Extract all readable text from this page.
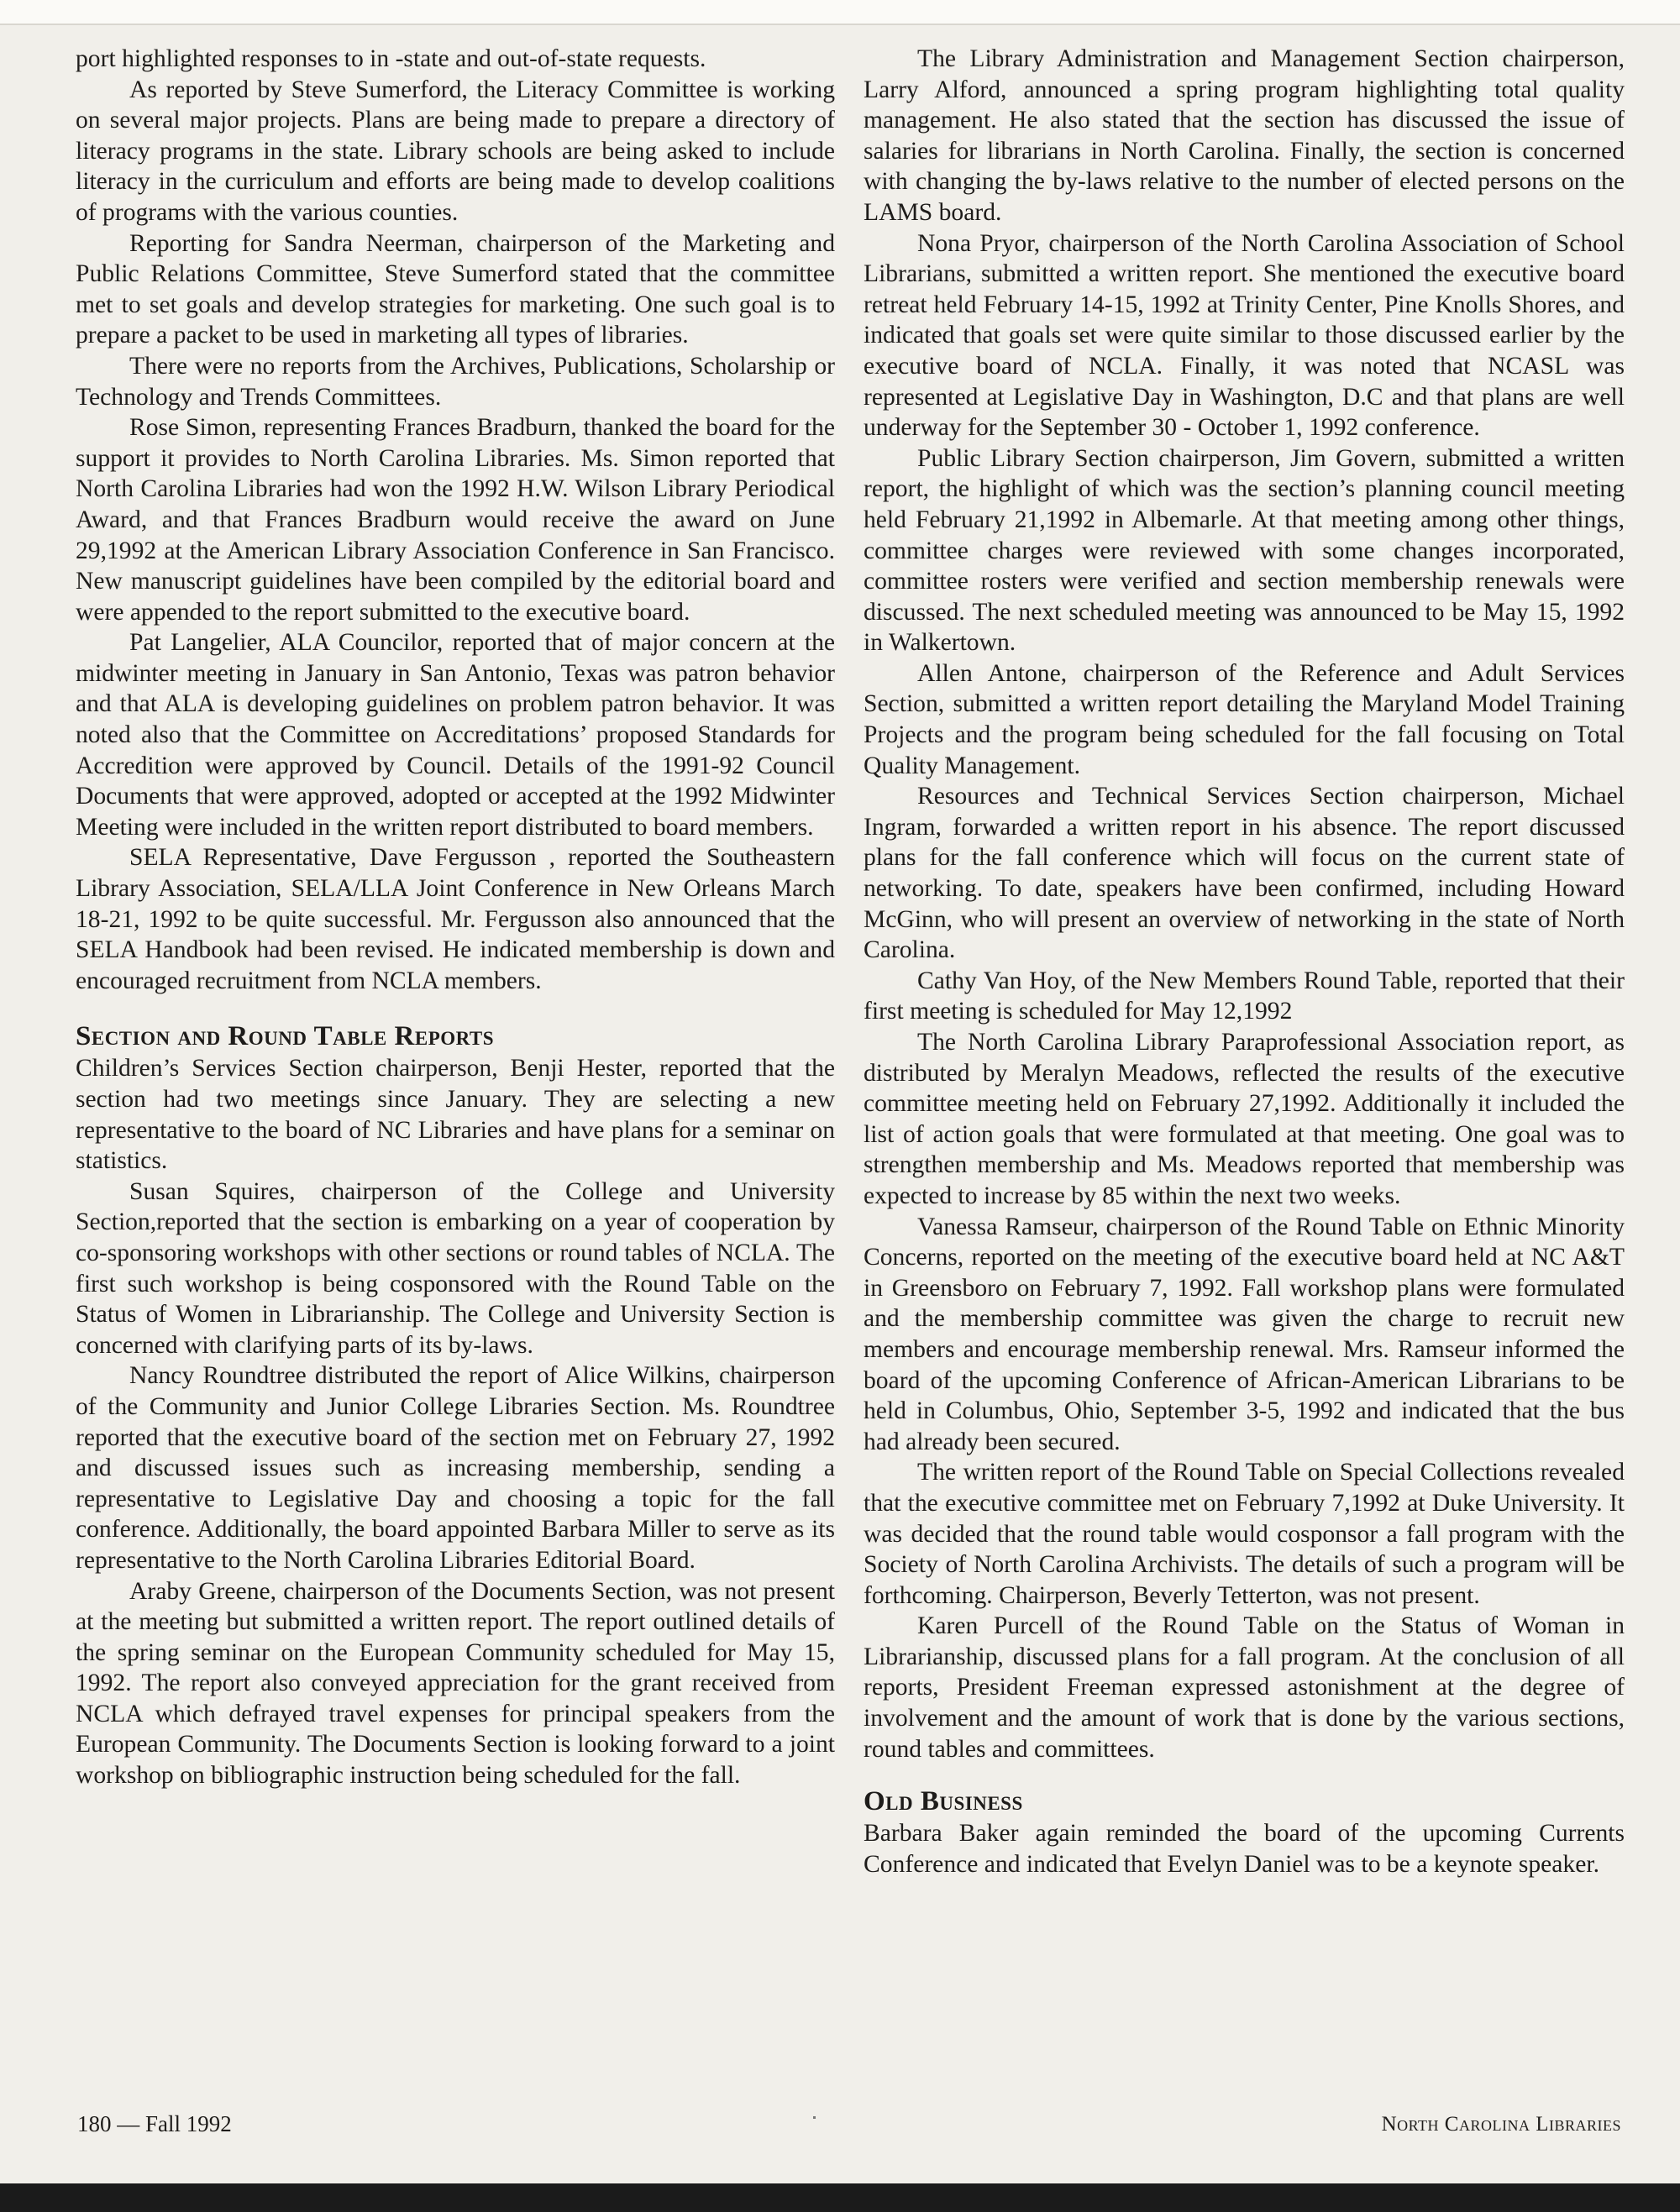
port highlighted responses to in -state and out-of-state requests.

As reported by Steve Sumerford, the Literacy Committee is working on several major projects. Plans are being made to prepare a directory of literacy programs in the state. Library schools are being asked to include literacy in the curriculum and efforts are being made to develop coalitions of programs with the various counties.

Reporting for Sandra Neerman, chairperson of the Marketing and Public Relations Committee, Steve Sumerford stated that the committee met to set goals and develop strategies for marketing. One such goal is to prepare a packet to be used in marketing all types of libraries.

There were no reports from the Archives, Publications, Scholarship or Technology and Trends Committees.

Rose Simon, representing Frances Bradburn, thanked the board for the support it provides to North Carolina Libraries. Ms. Simon reported that North Carolina Libraries had won the 1992 H.W. Wilson Library Periodical Award, and that Frances Bradburn would receive the award on June 29,1992 at the American Library Association Conference in San Francisco. New manuscript guidelines have been compiled by the editorial board and were appended to the report submitted to the executive board.

Pat Langelier, ALA Councilor, reported that of major concern at the midwinter meeting in January in San Antonio, Texas was patron behavior and that ALA is developing guidelines on problem patron behavior. It was noted also that the Committee on Accreditations’ proposed Standards for Accredition were approved by Council. Details of the 1991-92 Council Documents that were approved, adopted or accepted at the 1992 Midwinter Meeting were included in the written report distributed to board members.

SELA Representative, Dave Fergusson , reported the Southeastern Library Association, SELA/LLA Joint Conference in New Orleans March 18-21, 1992 to be quite successful. Mr. Fergusson also announced that the SELA Handbook had been revised. He indicated membership is down and encouraged recruitment from NCLA members.

Section and Round Table Reports

Children’s Services Section chairperson, Benji Hester, reported that the section had two meetings since January. They are selecting a new representative to the board of NC Libraries and have plans for a seminar on statistics.

Susan Squires, chairperson of the College and University Section,reported that the section is embarking on a year of cooperation by co-sponsoring workshops with other sections or round tables of NCLA. The first such workshop is being cosponsored with the Round Table on the Status of Women in Librarianship. The College and University Section is concerned with clarifying parts of its by-laws.

Nancy Roundtree distributed the report of Alice Wilkins, chairperson of the Community and Junior College Libraries Section. Ms. Roundtree reported that the executive board of the section met on February 27, 1992 and discussed issues such as increasing membership, sending a representative to Legislative Day and choosing a topic for the fall conference. Additionally, the board appointed Barbara Miller to serve as its representative to the North Carolina Libraries Editorial Board.

Araby Greene, chairperson of the Documents Section, was not present at the meeting but submitted a written report. The report outlined details of the spring seminar on the European Community scheduled for May 15, 1992. The report also conveyed appreciation for the grant received from NCLA which defrayed travel expenses for principal speakers from the European Community. The Documents Section is looking forward to a joint workshop on bibliographic instruction being scheduled for the fall.

The Library Administration and Management Section chairperson, Larry Alford, announced a spring program highlighting total quality management. He also stated that the section has discussed the issue of salaries for librarians in North Carolina. Finally, the section is concerned with changing the by-laws relative to the number of elected persons on the LAMS board.

Nona Pryor, chairperson of the North Carolina Association of School Librarians, submitted a written report. She mentioned the executive board retreat held February 14-15, 1992 at Trinity Center, Pine Knolls Shores, and indicated that goals set were quite similar to those discussed earlier by the executive board of NCLA. Finally, it was noted that NCASL was represented at Legislative Day in Washington, D.C and that plans are well underway for the September 30 - October 1, 1992 conference.

Public Library Section chairperson, Jim Govern, submitted a written report, the highlight of which was the section’s planning council meeting held February 21,1992 in Albemarle. At that meeting among other things, committee charges were reviewed with some changes incorporated, committee rosters were verified and section membership renewals were discussed. The next scheduled meeting was announced to be May 15, 1992 in Walkertown.

Allen Antone, chairperson of the Reference and Adult Services Section, submitted a written report detailing the Maryland Model Training Projects and the program being scheduled for the fall focusing on Total Quality Management.

Resources and Technical Services Section chairperson, Michael Ingram, forwarded a written report in his absence. The report discussed plans for the fall conference which will focus on the current state of networking. To date, speakers have been confirmed, including Howard McGinn, who will present an overview of networking in the state of North Carolina.

Cathy Van Hoy, of the New Members Round Table, reported that their first meeting is scheduled for May 12,1992

The North Carolina Library Paraprofessional Association report, as distributed by Meralyn Meadows, reflected the results of the executive committee meeting held on February 27,1992. Additionally it included the list of action goals that were formulated at that meeting. One goal was to strengthen membership and Ms. Meadows reported that membership was expected to increase by 85 within the next two weeks.

Vanessa Ramseur, chairperson of the Round Table on Ethnic Minority Concerns, reported on the meeting of the executive board held at NC A&T in Greensboro on February 7, 1992. Fall workshop plans were formulated and the membership committee was given the charge to recruit new members and encourage membership renewal. Mrs. Ramseur informed the board of the upcoming Conference of African-American Librarians to be held in Columbus, Ohio, September 3-5, 1992 and indicated that the bus had already been secured.

The written report of the Round Table on Special Collections revealed that the executive committee met on February 7,1992 at Duke University. It was decided that the round table would cosponsor a fall program with the Society of North Carolina Archivists. The details of such a program will be forthcoming. Chairperson, Beverly Tetterton, was not present.

Karen Purcell of the Round Table on the Status of Woman in Librarianship, discussed plans for a fall program. At the conclusion of all reports, President Freeman expressed astonishment at the degree of involvement and the amount of work that is done by the various sections, round tables and committees.

Old Business

Barbara Baker again reminded the board of the upcoming Currents Conference and indicated that Evelyn Daniel was to be a keynote speaker.

180 — Fall 1992	North Carolina Libraries
